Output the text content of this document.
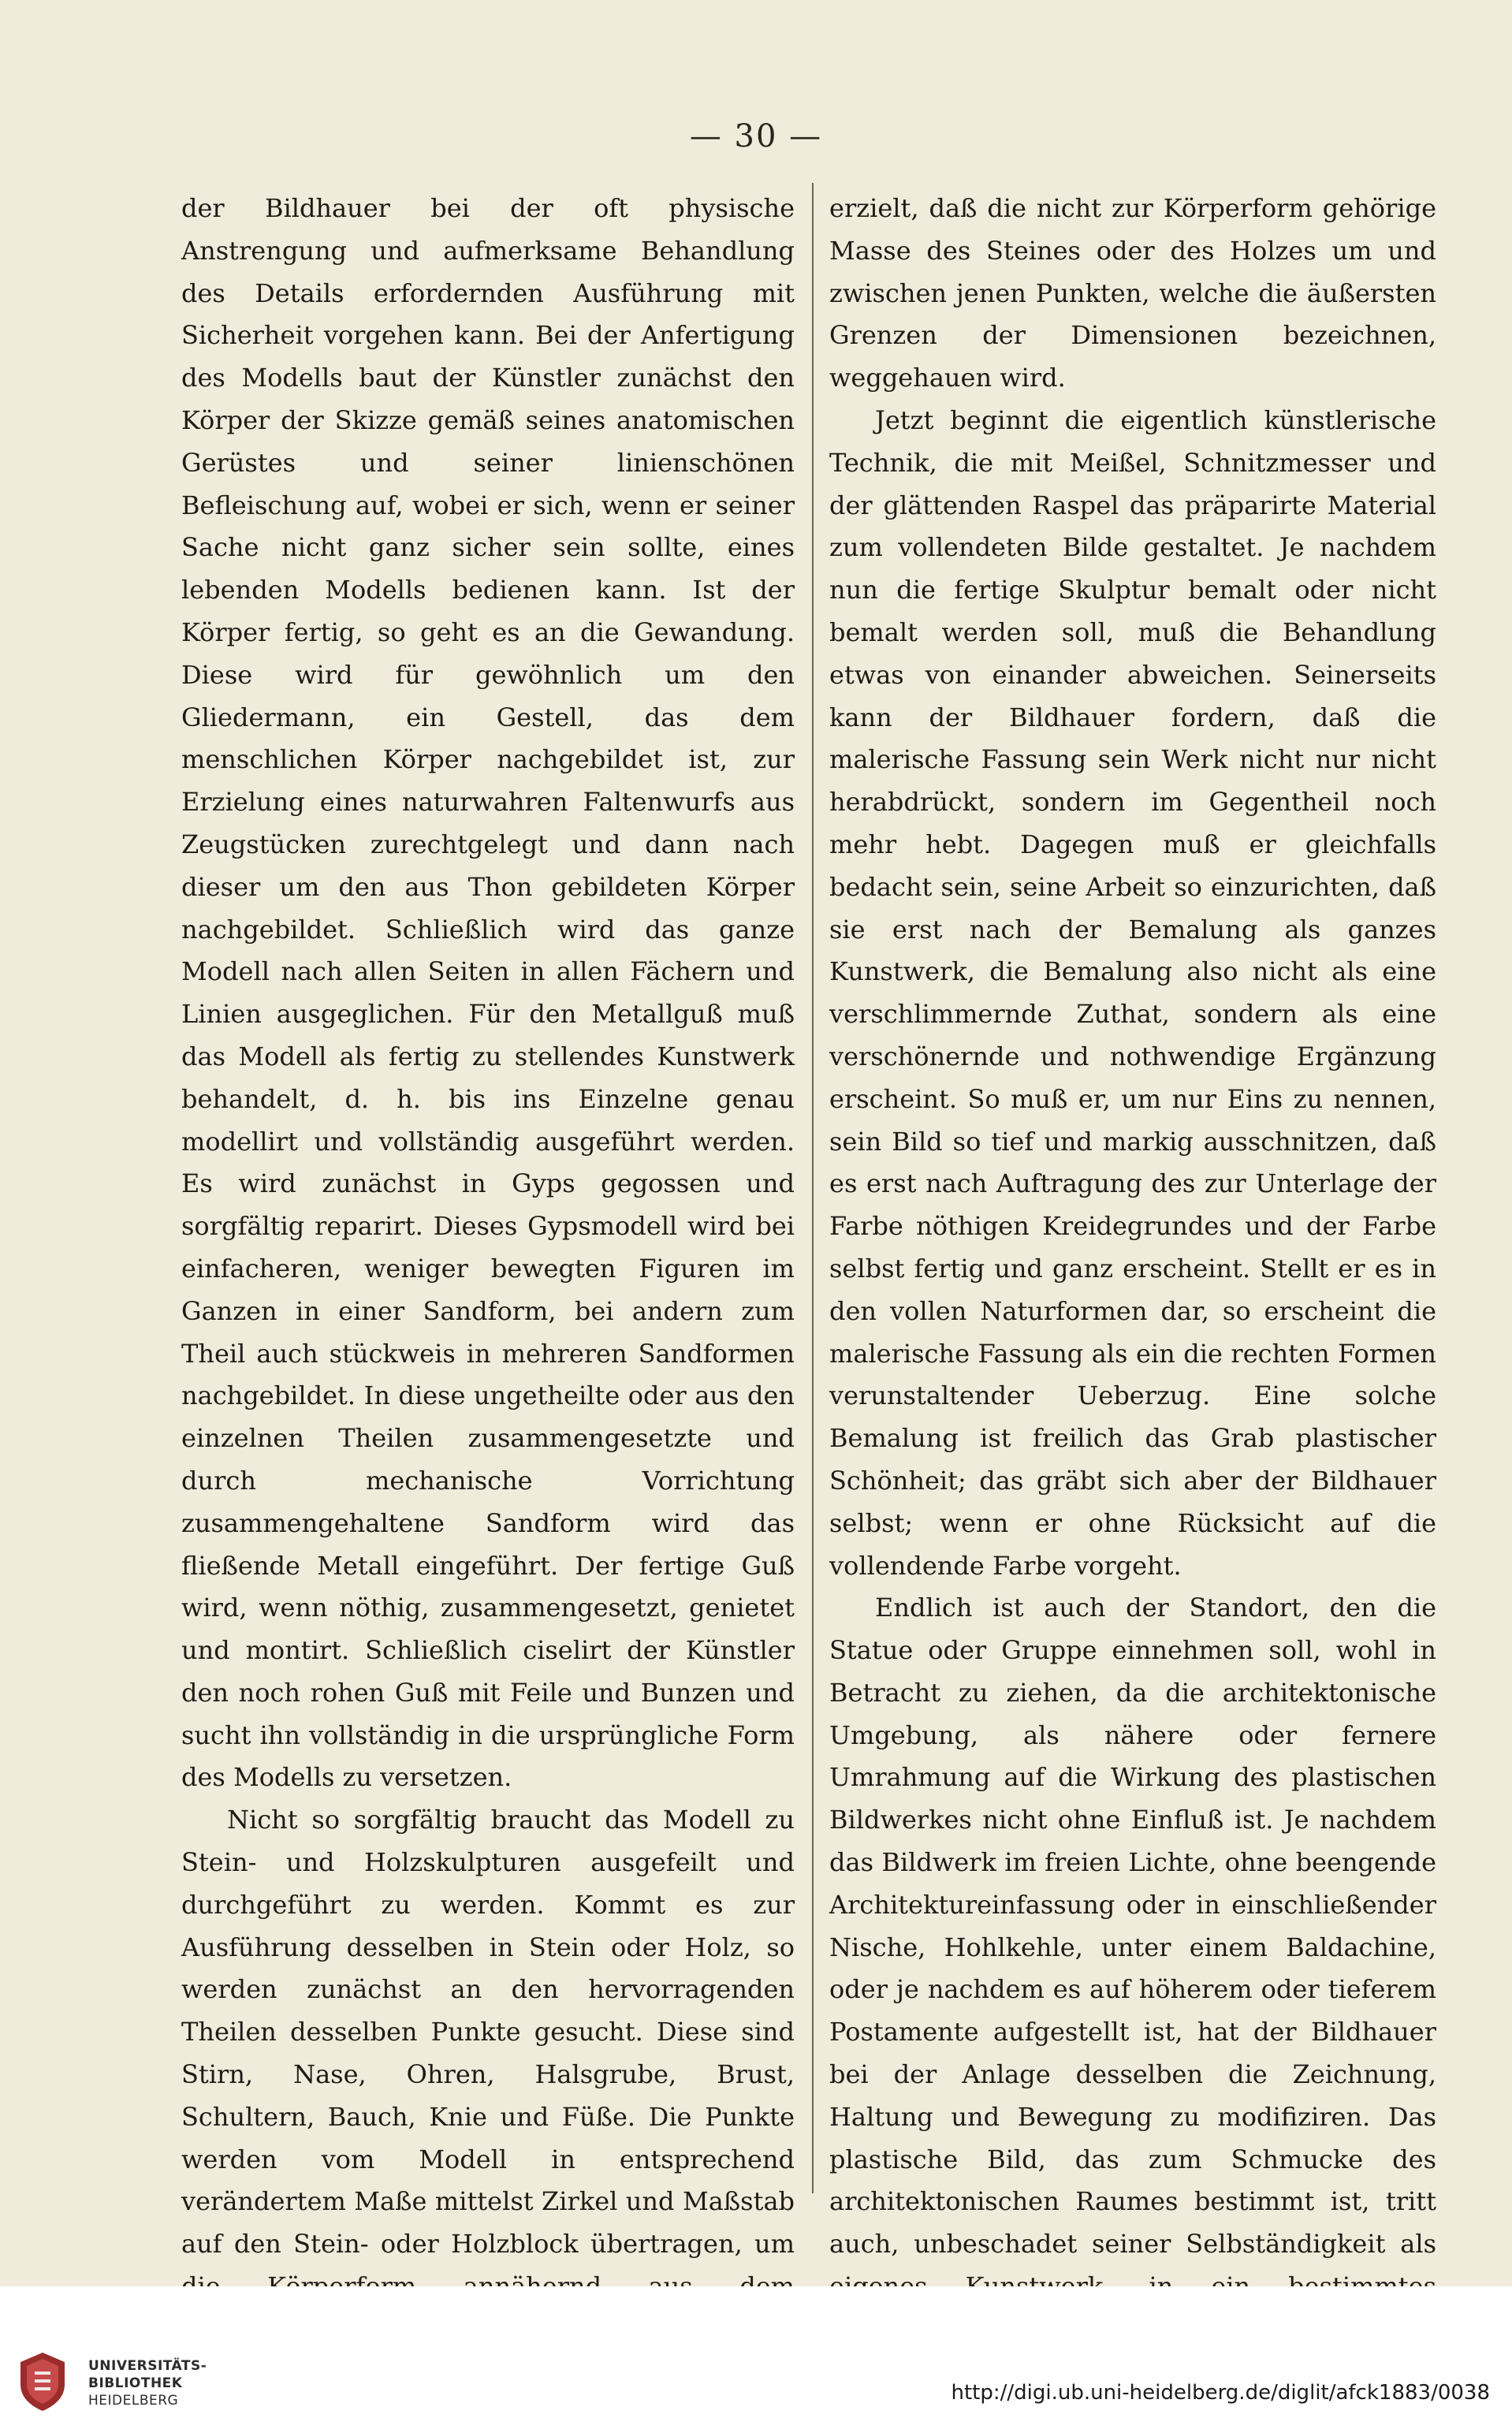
— 30 —

der Bildhauer bei der oft physische Anstrengung und aufmerksame Behandlung des Details erfordernden Ausführung mit Sicherheit vorgehen kann. Bei der Anfertigung des Modells baut der Künstler zunächst den Körper der Skizze gemäß seines anatomischen Gerüstes und seiner linienschönen Befleischung auf, wobei er sich, wenn er seiner Sache nicht ganz sicher sein sollte, eines lebenden Modells bedienen kann. Ist der Körper fertig, so geht es an die Gewandung. Diese wird für gewöhnlich um den Gliedermann, ein Gestell, das dem menschlichen Körper nachgebildet ist, zur Erzielung eines naturwahren Faltenwurfs aus Zeugstücken zurechtgelegt und dann nach dieser um den aus Thon gebildeten Körper nachgebildet. Schließlich wird das ganze Modell nach allen Seiten in allen Fächern und Linien ausgeglichen. Für den Metallguß muß das Modell als fertig zu stellendes Kunstwerk behandelt, d. h. bis ins Einzelne genau modellirt und vollständig ausgeführt werden. Es wird zunächst in Gyps gegossen und sorgfältig reparirt. Dieses Gypsmodell wird bei einfacheren, weniger bewegten Figuren im Ganzen in einer Sandform, bei andern zum Theil auch stückweis in mehreren Sandformen nachgebildet. In diese ungetheilte oder aus den einzelnen Theilen zusammengesetzte und durch mechanische Vorrichtung zusammengehaltene Sandform wird das fließende Metall eingeführt. Der fertige Guß wird, wenn nöthig, zusammengesetzt, genietet und montirt. Schließlich ciselirt der Künstler den noch rohen Guß mit Feile und Bunzen und sucht ihn vollständig in die ursprüngliche Form des Modells zu versetzen.

Nicht so sorgfältig braucht das Modell zu Stein- und Holzskulpturen ausgefeilt und durchgeführt zu werden. Kommt es zur Ausführung desselben in Stein oder Holz, so werden zunächst an den hervorragenden Theilen desselben Punkte gesucht. Diese sind Stirn, Nase, Ohren, Halsgrube, Brust, Schultern, Bauch, Knie und Füße. Die Punkte werden vom Modell in entsprechend verändertem Maße mittelst Zirkel und Maßstab auf den Stein- oder Holzblock übertragen, um

erzielt, daß die nicht zur Körperform gehörige Masse des Steines oder des Holzes um und zwischen jenen Punkten, welche die äußersten Grenzen der Dimensionen bezeichnen, weggehauen wird.

Jetzt beginnt die eigentlich künstlerische Technik, die mit Meißel, Schnitzmesser und der glättenden Raspel das präparirte Material zum vollendeten Bilde gestaltet. Je nachdem nun die fertige Skulptur bemalt oder nicht bemalt werden soll, muß die Behandlung etwas von einander abweichen. Seinerseits kann der Bildhauer fordern, daß die malerische Fassung sein Werk nicht nur nicht herabdrückt, sondern im Gegentheil noch mehr hebt. Dagegen muß er gleichfalls bedacht sein, seine Arbeit so einzurichten, daß sie erst nach der Bemalung als ganzes Kunstwerk, die Bemalung also nicht als eine verschlimmernde Zuthat, sondern als eine verschönernde und nothwendige Ergänzung erscheint. So muß er, um nur Eins zu nennen, sein Bild so tief und markig ausschnitzen, daß es erst nach Auftragung des zur Unterlage der Farbe nöthigen Kreidegrundes und der Farbe selbst fertig und ganz erscheint. Stellt er es in den vollen Naturformen dar, so erscheint die malerische Fassung als ein die rechten Formen verunstaltender Ueberzug. Eine solche Bemalung ist freilich das Grab plastischer Schönheit; das gräbt sich aber der Bildhauer selbst; wenn er ohne Rücksicht auf die vollendende Farbe vorgeht.

Endlich ist auch der Standort, den die Statue oder Gruppe einnehmen soll, wohl in Betracht zu ziehen, da die architektonische Umgebung, als nähere oder fernere Umrahmung auf die Wirkung des plastischen Bildwerkes nicht ohne Einfluß ist. Je nachdem das Bildwerk im freien Lichte, ohne beengende Architektureinfassung oder in einschließender Nische, Hohlkehle, unter einem Baldachine, oder je nachdem es auf höherem oder tieferem Postamente aufgestellt ist, hat der Bildhauer bei der Anlage desselben die Zeichnung, Haltung und Bewegung zu modifiziren. Das plastische Bild, das zum Schmucke des architektonischen Raumes bestimmt ist, tritt auch, unbeschadet seiner Selbständigkeit als

UNIVERSITÄTS-
BIBLIOTHEK
HEIDELBERG	http://digi.ub.uni-heidelberg.de/diglit/afck1883/0038
